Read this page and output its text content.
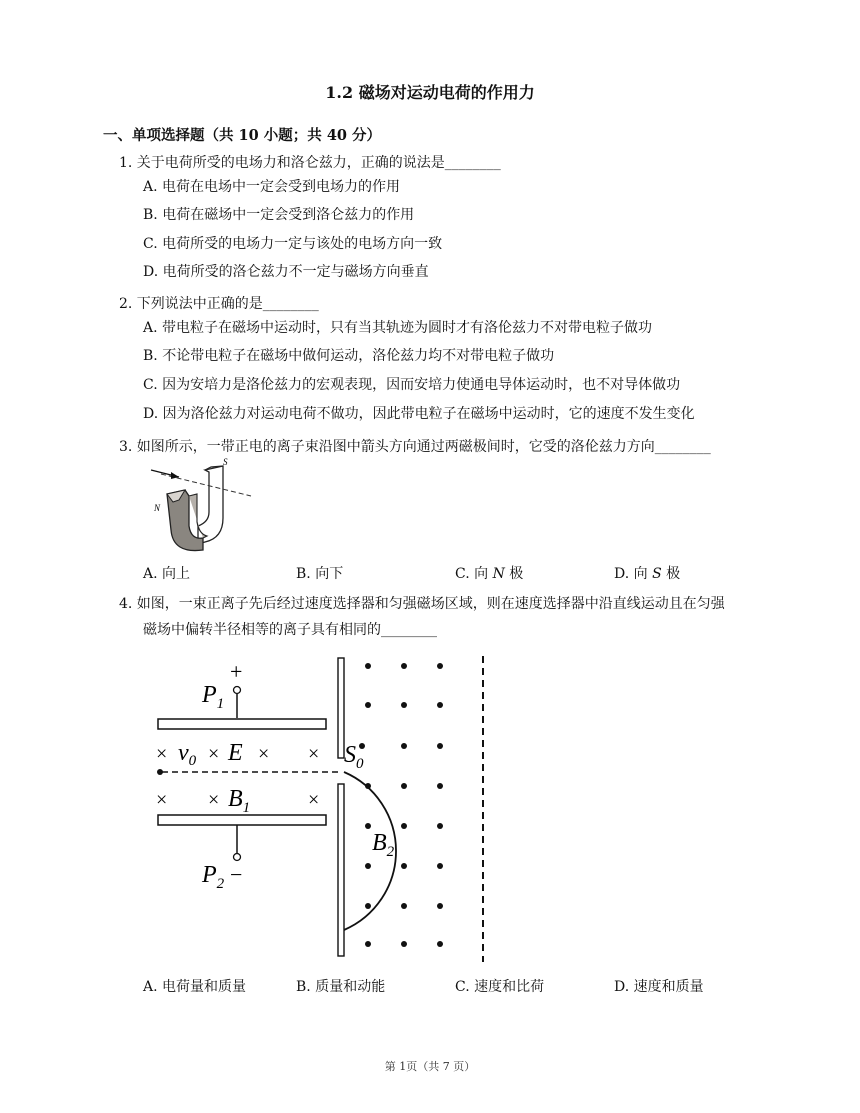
1.2 磁场对运动电荷的作用力
一、单项选择题（共 10 小题；共 40 分）
1. 关于电荷所受的电场力和洛仑兹力，正确的说法是________
A. 电荷在电场中一定会受到电场力的作用
B. 电荷在磁场中一定会受到洛仑兹力的作用
C. 电荷所受的电场力一定与该处的电场方向一致
D. 电荷所受的洛仑兹力不一定与磁场方向垂直
2. 下列说法中正确的是________
A. 带电粒子在磁场中运动时，只有当其轨迹为圆时才有洛伦兹力不对带电粒子做功
B. 不论带电粒子在磁场中做何运动，洛伦兹力均不对带电粒子做功
C. 因为安培力是洛伦兹力的宏观表现，因而安培力使通电导体运动时，也不对导体做功
D. 因为洛伦兹力对运动电荷不做功，因此带电粒子在磁场中运动时，它的速度不发生变化
3. 如图所示，一带正电的离子束沿图中箭头方向通过两磁极间时，它受的洛伦兹力方向________
S
N
A. 向上	B. 向下	C. 向 𝑁 极	D. 向 𝑆 极
4. 如图，一束正离子先后经过速度选择器和匀强磁场区域，则在速度选择器中沿直线运动且在匀强
磁场中偏转半径相等的离子具有相同的________
+
$P_1$
$P_2$ −
× × × ×
× ×	×
$v_0$ E
$B_1$
$S_0$
$B_2$
A. 电荷量和质量	B. 质量和动能	C. 速度和比荷	D. 速度和质量
第 1页（共 7 页）
